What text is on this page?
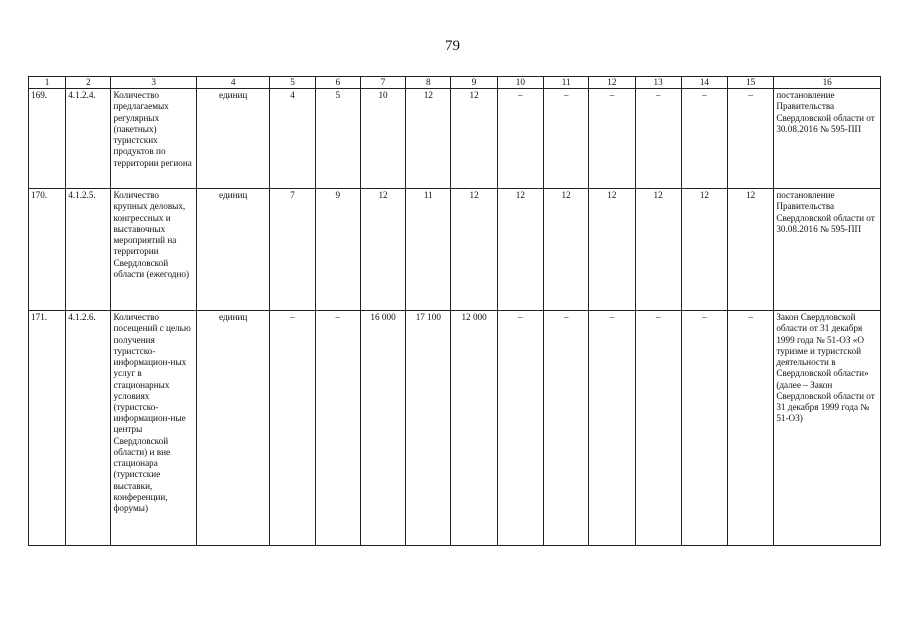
79
1	2	3	4	5	6	7	8	9	10	11	12	13	14	15	16
169.	4.1.2.4.	Количество предлагаемых регулярных (пакетных) туристских продуктов по территории региона	единиц	4	5	10	12	12	–	–	–	–	–	–	постановление Правительства Свердловской области от 30.08.2016 № 595-ПП
170.	4.1.2.5.	Количество крупных деловых, конгрессных и выставочных мероприятий на территории Свердловской области (ежегодно)	единиц	7	9	12	11	12	12	12	12	12	12	12	постановление Правительства Свердловской области от 30.08.2016 № 595-ПП
171.	4.1.2.6.	Количество посещений с целью получения туристско-информацион-ных услуг в стационарных условиях (туристско-информацион-ные центры Свердловской области) и вне стационара (туристские выставки, конференции, форумы)	единиц	–	–	16 000	17 100	12 000	–	–	–	–	–	–	Закон Свердловской области от 31 декабря 1999 года № 51-ОЗ «О туризме и туристской деятельности в Свердловской области» (далее – Закон Свердловской области от 31 декабря 1999 года № 51-ОЗ)
